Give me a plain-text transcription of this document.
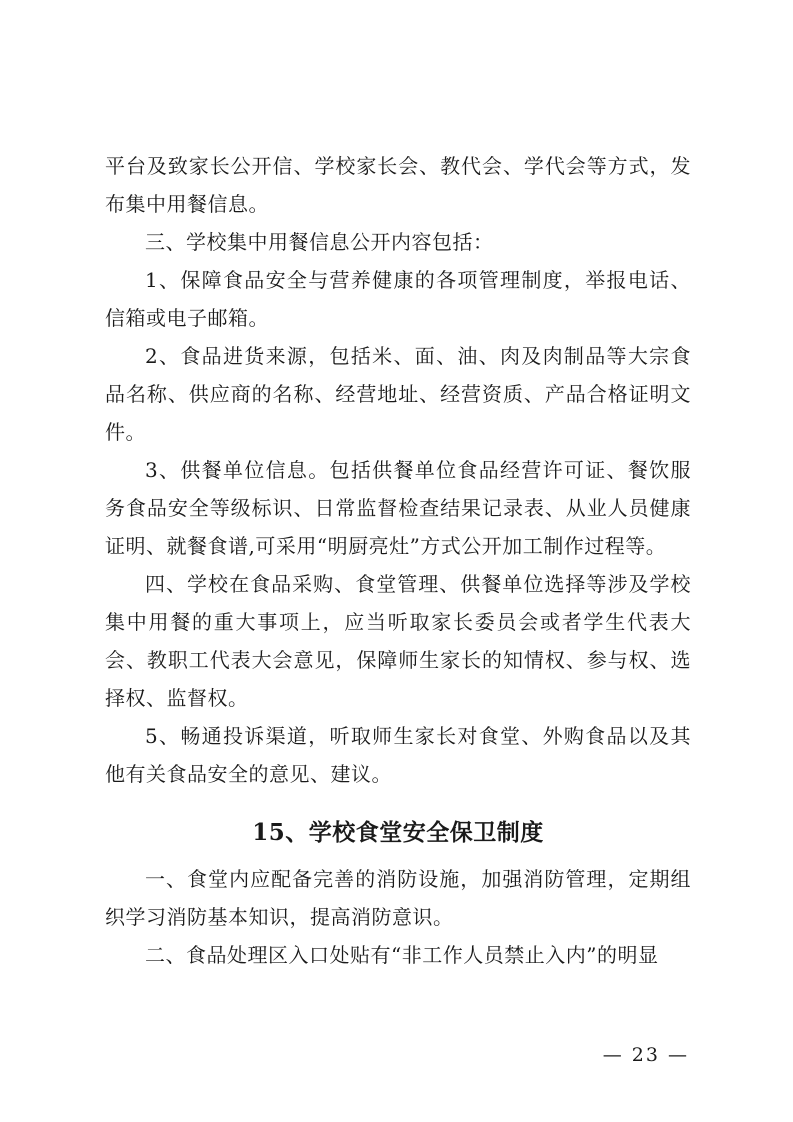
平台及致家长公开信、学校家长会、教代会、学代会等方式，发布集中用餐信息。

三、学校集中用餐信息公开内容包括：

1、保障食品安全与营养健康的各项管理制度，举报电话、信箱或电子邮箱。

2、食品进货来源，包括米、面、油、肉及肉制品等大宗食品名称、供应商的名称、经营地址、经营资质、产品合格证明文件。

3、供餐单位信息。包括供餐单位食品经营许可证、餐饮服务食品安全等级标识、日常监督检查结果记录表、从业人员健康证明、就餐食谱,可采用“明厨亮灶”方式公开加工制作过程等。

四、学校在食品采购、食堂管理、供餐单位选择等涉及学校集中用餐的重大事项上，应当听取家长委员会或者学生代表大会、教职工代表大会意见，保障师生家长的知情权、参与权、选择权、监督权。

5、畅通投诉渠道，听取师生家长对食堂、外购食品以及其他有关食品安全的意见、建议。

15、学校食堂安全保卫制度

一、食堂内应配备完善的消防设施，加强消防管理，定期组织学习消防基本知识，提高消防意识。

二、食品处理区入口处贴有“非工作人员禁止入内”的明显

— 23 —
